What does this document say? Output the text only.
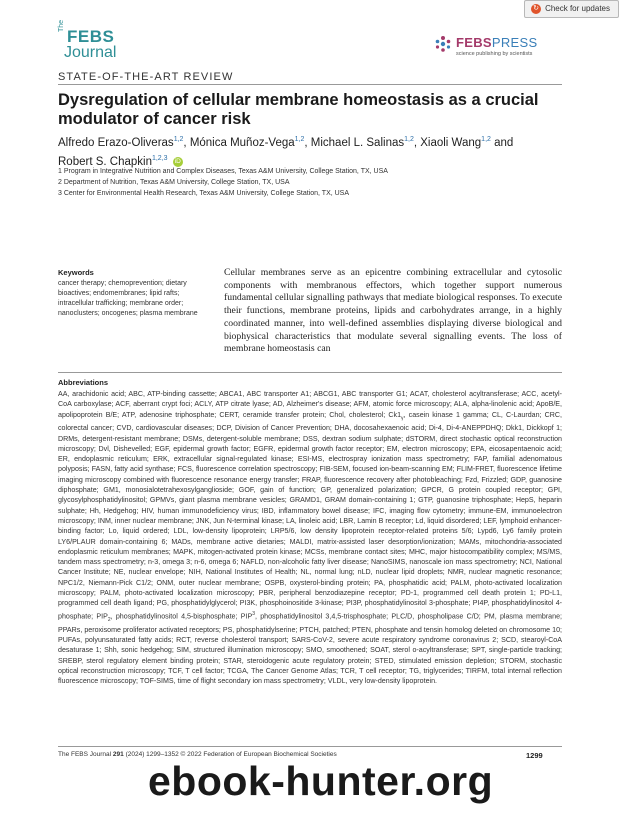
↻ Check for updates
The
FEBS
Journal
FEBSPRESS
science publishing by scientists
STATE-OF-THE-ART REVIEW
Dysregulation of cellular membrane homeostasis as a crucial modulator of cancer risk
Alfredo Erazo-Oliveras$^{1,2}$, Mónica Muñoz-Vega$^{1,2}$, Michael L. Salinas$^{1,2}$, Xiaoli Wang$^{1,2}$ and
Robert S. Chapkin$^{1,2,3}$ iD
1 Program in Integrative Nutrition and Complex Diseases, Texas A&M University, College Station, TX, USA
2 Department of Nutrition, Texas A&M University, College Station, TX, USA
3 Center for Environmental Health Research, Texas A&M University, College Station, TX, USA
Keywords
cancer therapy; chemoprevention; dietary bioactives; endomembranes; lipid rafts; intracellular trafficking; membrane order; nanoclusters; oncogenes; plasma membrane
Cellular membranes serve as an epicentre combining extracellular and cytosolic components with membranous effectors, which together support numerous fundamental cellular signalling pathways that mediate biological responses. To execute their functions, membrane proteins, lipids and carbohydrates arrange, in a highly coordinated manner, into well-defined assemblies displaying diverse biological and biophysical characteristics that modulate several signalling events. The loss of membrane homeostasis can
Abbreviations
AA, arachidonic acid; ABC, ATP-binding cassette; ABCA1, ABC transporter A1; ABCG1, ABC transporter G1; ACAT, cholesterol acyltransferase; ACC, acetyl-CoA carboxylase; ACF, aberrant crypt foci; ACLY, ATP citrate lyase; AD, Alzheimer's disease; AFM, atomic force microscopy; ALA, alpha-linolenic acid; ApoB/E, apolipoprotein B/E; ATP, adenosine triphosphate; CERT, ceramide transfer protein; Chol, cholesterol; $Ck1_\gamma$, casein kinase 1 gamma; CL, C-Laurdan; CRC, colorectal cancer; CVD, cardiovascular diseases; DCP, Division of Cancer Prevention; DHA, docosahexaenoic acid; Di-4, Di-4-ANEPPDHQ; Dkk1, Dickkopf 1; DRMs, detergent-resistant membrane; DSMs, detergent-soluble membrane; DSS, dextran sodium sulphate; dSTORM, direct stochastic optical reconstruction microscopy; Dvl, Dishevelled; EGF, epidermal growth factor; EGFR, epidermal growth factor receptor; EM, electron microscopy; EPA, eicosapentaenoic acid; ER, endoplasmic reticulum; ERK, extracellular signal-regulated kinase; ESI-MS, electrospray ionization mass spectrometry; FAP, familial adenomatous polyposis; FASN, fatty acid synthase; FCS, fluorescence correlation spectroscopy; FIB-SEM, focused ion-beam-scanning EM; FLIM-FRET, fluorescence lifetime imaging microscopy combined with fluorescence resonance energy transfer; FRAP, fluorescence recovery after photobleaching; Fzd, Frizzled; GDP, guanosine diphosphate; GM1, monosialotetrahexosylganglioside; GOF, gain of function; GP, generalized polarization; GPCR, G protein coupled receptor; GPI, glycosylphosphatidylinositol; GPMVs, giant plasma membrane vesicles; GRAMD1, GRAM domain-containing 1; GTP, guanosine triphosphate; HepS, heparin sulphate; Hh, Hedgehog; HIV, human immunodeficiency virus; IBD, inflammatory bowel disease; IFC, imaging flow cytometry; immune-EM, immunoelectron microscopy; INM, inner nuclear membrane; JNK, Jun N-terminal kinase; LA, linoleic acid; LBR, Lamin B receptor; Ld, liquid disordered; LEF, lymphoid enhancer-binding factor; Lo, liquid ordered; LDL, low-density lipoprotein; LRP5/6, low density lipoprotein receptor-related proteins 5/6; Lypd6, Ly6 family protein LY6/PLAUR domain-containing 6; MADs, membrane active dietaries; MALDI, matrix-assisted laser desorption/ionization; MAMs, mitochondria-associated endoplasmic reticulum membranes; MAPK, mitogen-activated protein kinase; MCSs, membrane contact sites; MHC, major histocompatibility complex; MS/MS, tandem mass spectrometry; n-3, omega 3; n-6, omega 6; NAFLD, non-alcoholic fatty liver disease; NanoSIMS, nanoscale ion mass spectrometry; NCI, National Cancer Institute; NE, nuclear envelope; NIH, National Institutes of Health; NL, normal lung; nLD, nuclear lipid droplets; NMR, nuclear magnetic resonance; NPC1/2, Niemann-Pick C1/2; ONM, outer nuclear membrane; OSPB, oxysterol-binding protein; PA, phosphatidic acid; PALM, photo-activated localization microscopy; PALM, photo-activated localization microscopy; PBR, peripheral benzodiazepine receptor; PD-1, programmed cell death protein 1; PD-L1, programmed cell death ligand; PG, phosphatidylglycerol; PI3K, phosphoinositide 3-kinase; PI3P, phosphatidylinositol 3-phosphate; PI4P, phosphatidylinositol 4-phosphate; $PIP_2$, phosphatidylinositol 4,5-bisphosphate; PIP$^3$, phosphatidylinositol 3,4,5-trisphosphate; PLC/D, phospholipase C/D; PM, plasma membrane; PPARs, peroxisome proliferator activated receptors; PS, phosphatidylserine; PTCH, patched; PTEN, phosphate and tensin homolog deleted on chromosome 10; PUFAs, polyunsaturated fatty acids; RCT, reverse cholesterol transport; SARS-CoV-2, severe acute respiratory syndrome coronavirus 2; SCD, stearoyl-CoA desaturase 1; Shh, sonic hedgehog; SIM, structured illumination microscopy; SMO, smoothened; SOAT, sterol o-acyltransferase; SPT, single-particle tracking; SREBP, sterol regulatory element binding protein; STAR, steroidogenic acute regulatory protein; STED, stimulated emission depletion; STORM, stochastic optical reconstruction microscopy; TCF, T cell factor; TCGA, The Cancer Genome Atlas; TCR, T cell receptor; TG, triglycerides; TIRFM, total internal reflection fluorescence microscopy; TOF-SIMS, time of flight secondary ion mass spectrometry; VLDL, very low-density lipoprotein.
The FEBS Journal 291 (2024) 1299–1352 © 2022 Federation of European Biochemical Societies	1299
ebook-hunter.org
